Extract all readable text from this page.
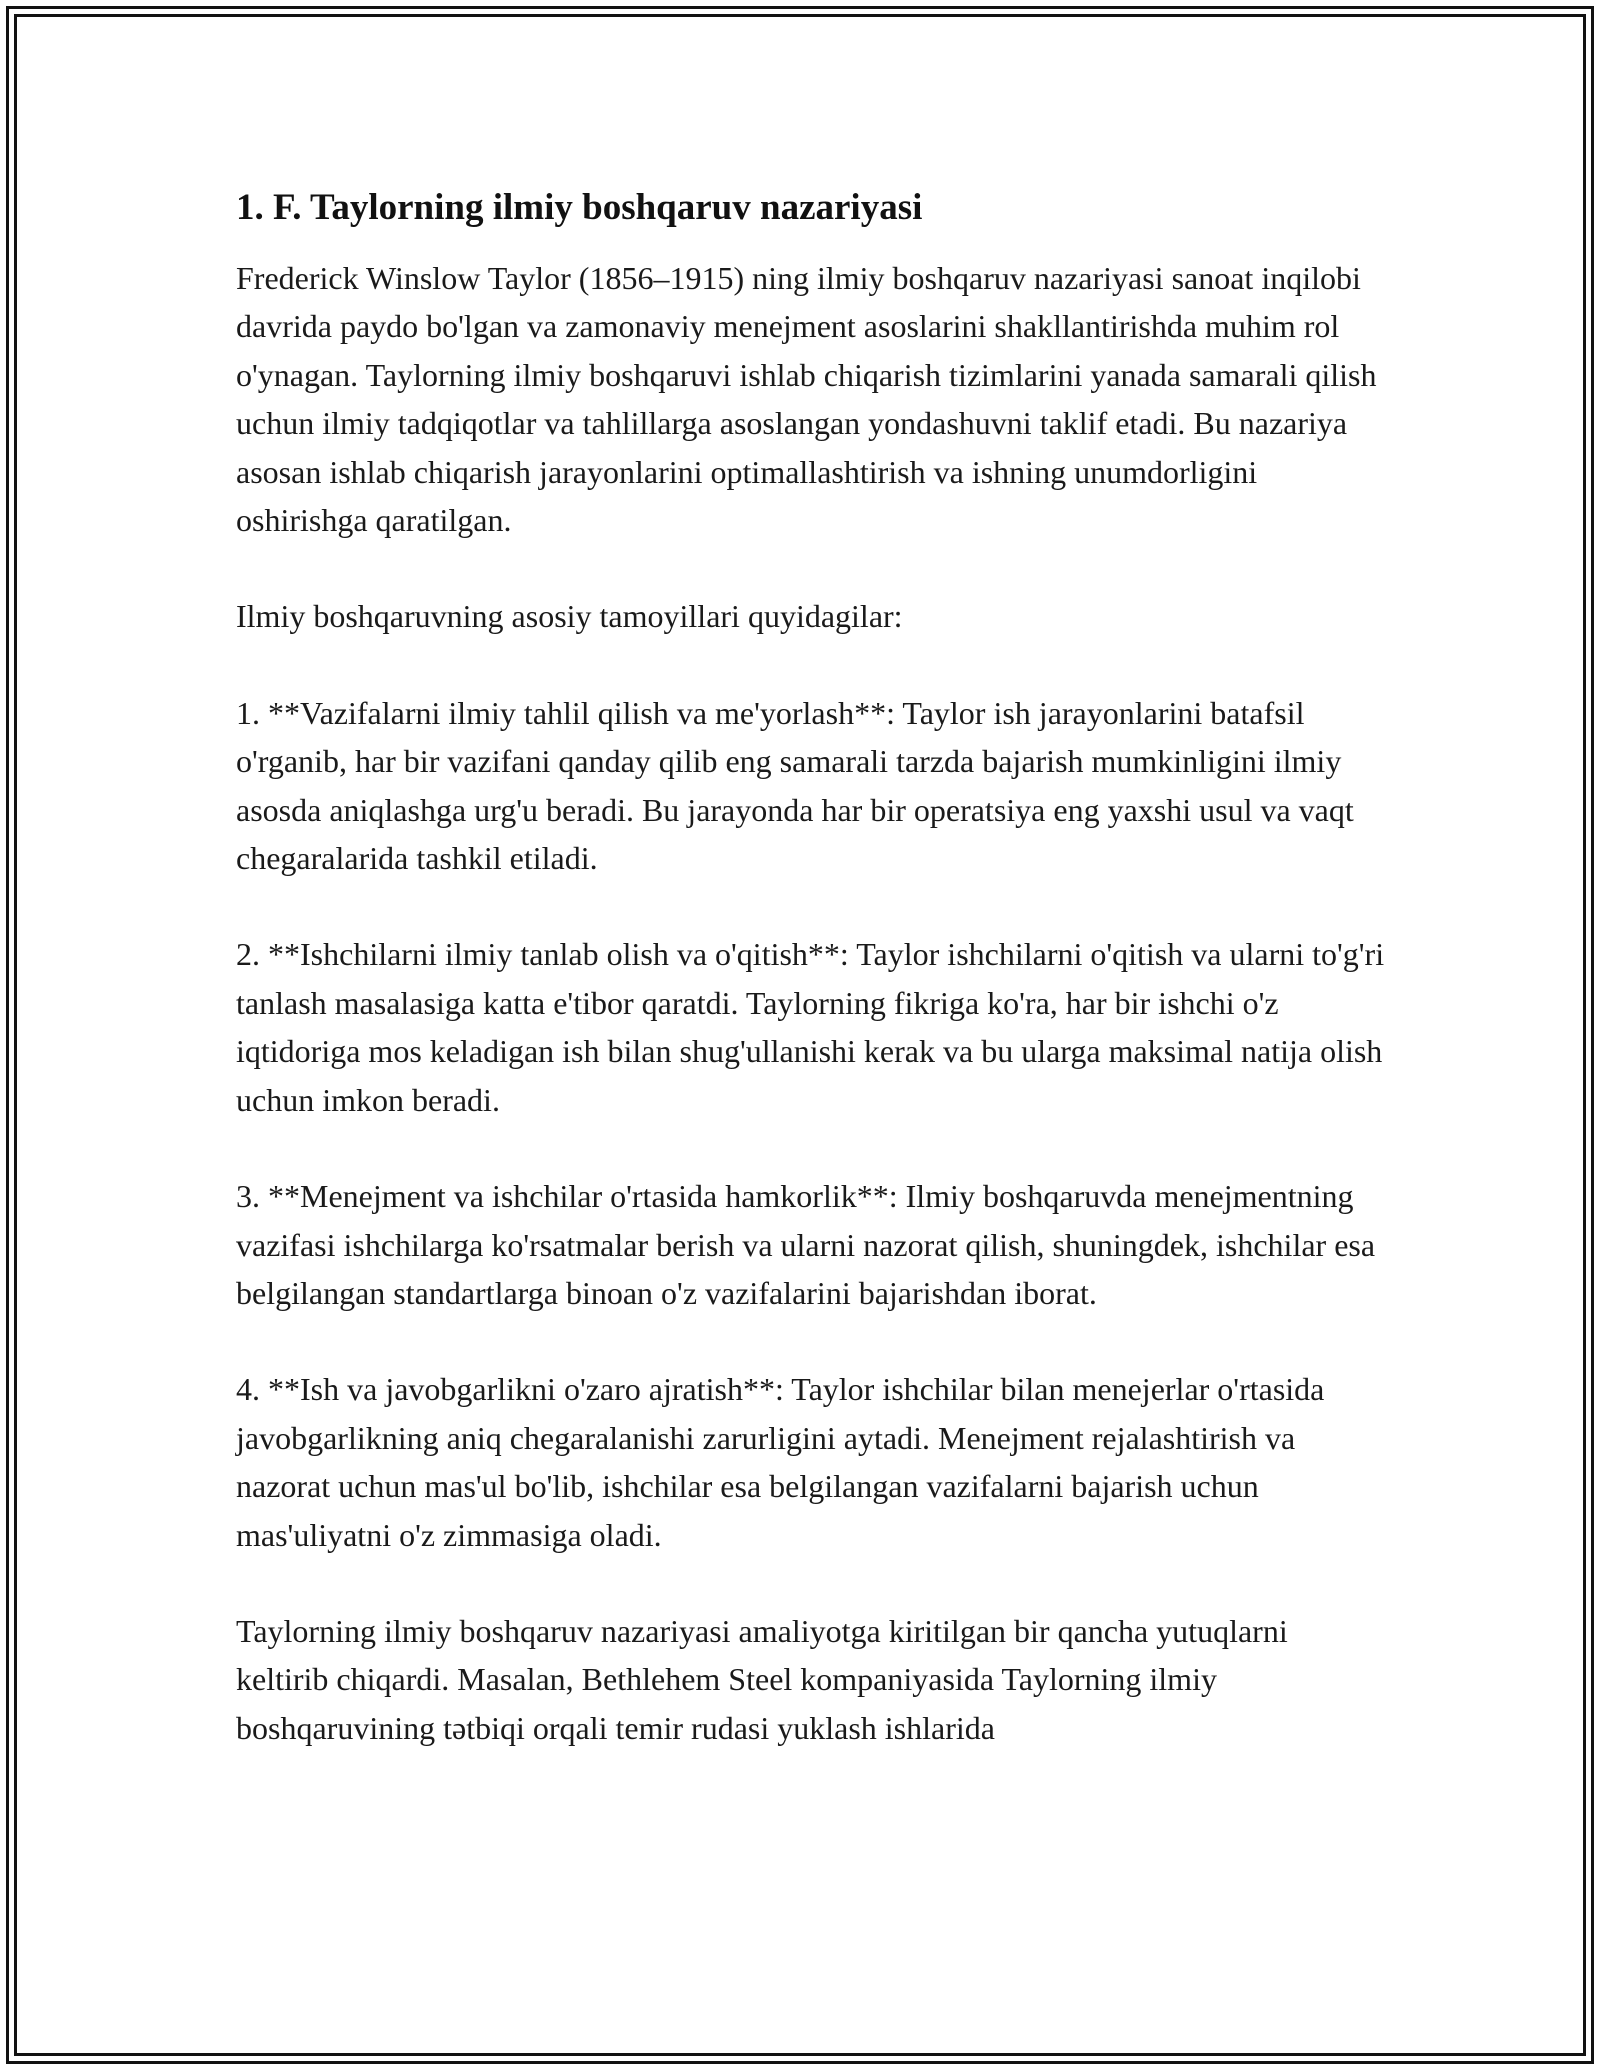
1. F. Taylorning ilmiy boshqaruv nazariyasi

Frederick Winslow Taylor (1856–1915) ning ilmiy boshqaruv nazariyasi sanoat inqilobi davrida paydo bo'lgan va zamonaviy menejment asoslarini shakllantirishda muhim rol o'ynagan. Taylorning ilmiy boshqaruvi ishlab chiqarish tizimlarini yanada samarali qilish uchun ilmiy tadqiqotlar va tahlillarga asoslangan yondashuvni taklif etadi. Bu nazariya asosan ishlab chiqarish jarayonlarini optimallashtirish va ishning unumdorligini oshirishga qaratilgan.

Ilmiy boshqaruvning asosiy tamoyillari quyidagilar:

1. **Vazifalarni ilmiy tahlil qilish va me'yorlash**: Taylor ish jarayonlarini batafsil o'rganib, har bir vazifani qanday qilib eng samarali tarzda bajarish mumkinligini ilmiy asosda aniqlashga urg'u beradi. Bu jarayonda har bir operatsiya eng yaxshi usul va vaqt chegaralarida tashkil etiladi.

2. **Ishchilarni ilmiy tanlab olish va o'qitish**: Taylor ishchilarni o'qitish va ularni to'g'ri tanlash masalasiga katta e'tibor qaratdi. Taylorning fikriga ko'ra, har bir ishchi o'z iqtidoriga mos keladigan ish bilan shug'ullanishi kerak va bu ularga maksimal natija olish uchun imkon beradi.

3. **Menejment va ishchilar o'rtasida hamkorlik**: Ilmiy boshqaruvda menejmentning vazifasi ishchilarga ko'rsatmalar berish va ularni nazorat qilish, shuningdek, ishchilar esa belgilangan standartlarga binoan o'z vazifalarini bajarishdan iborat.

4. **Ish va javobgarlikni o'zaro ajratish**: Taylor ishchilar bilan menejerlar o'rtasida javobgarlikning aniq chegaralanishi zarurligini aytadi. Menejment rejalashtirish va nazorat uchun mas'ul bo'lib, ishchilar esa belgilangan vazifalarni bajarish uchun mas'uliyatni o'z zimmasiga oladi.

Taylorning ilmiy boshqaruv nazariyasi amaliyotga kiritilgan bir qancha yutuqlarni keltirib chiqardi. Masalan, Bethlehem Steel kompaniyasida Taylorning ilmiy boshqaruvining tətbiqi orqali temir rudasi yuklash ishlarida
